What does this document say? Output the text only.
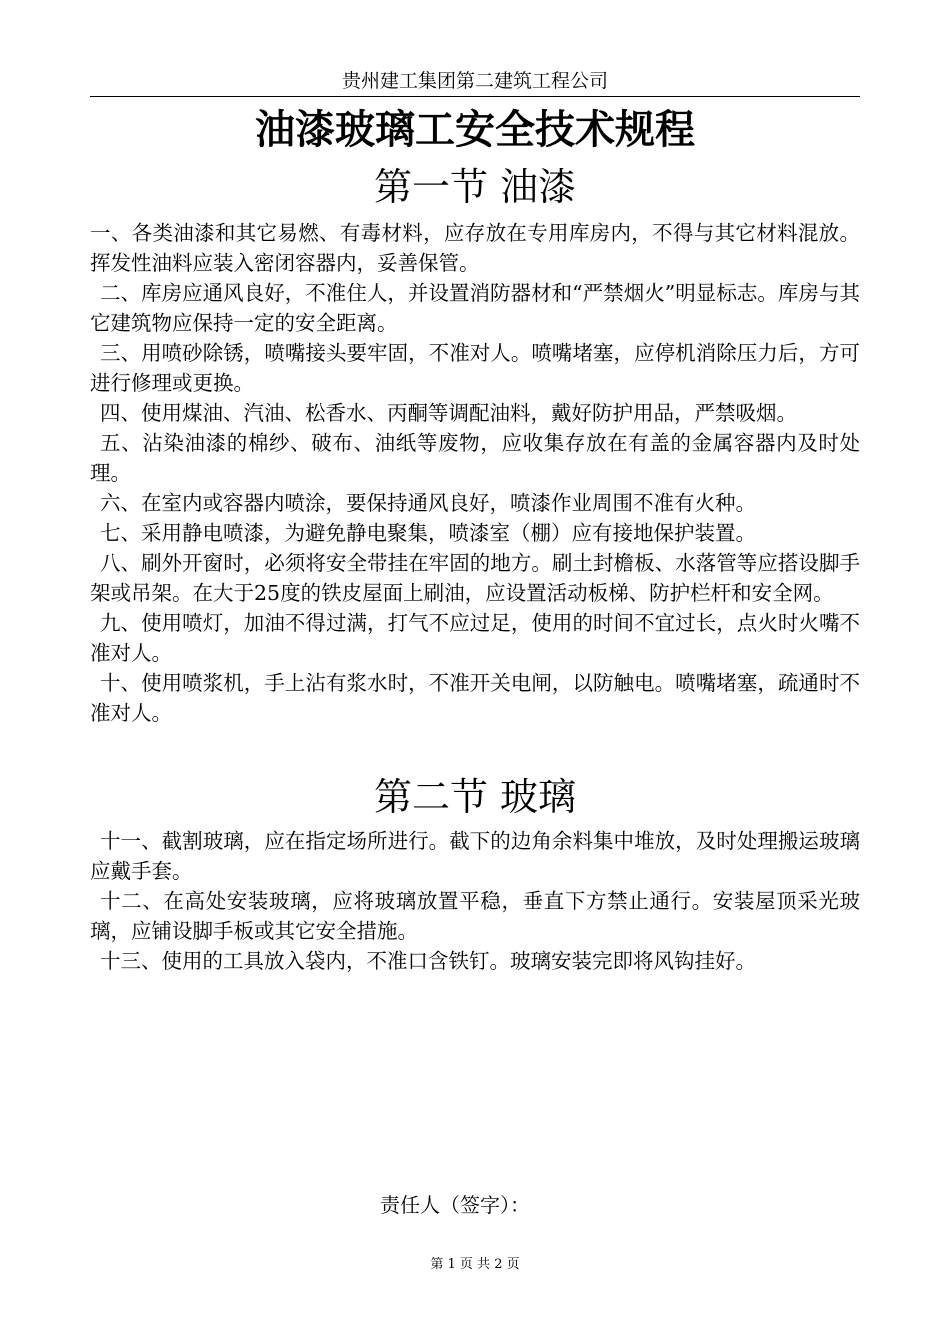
贵州建工集团第二建筑工程公司
油漆玻璃工安全技术规程
第一节 油漆

一、各类油漆和其它易燃、有毒材料，应存放在专用库房内，不得与其它材料混放。挥发性油料应装入密闭容器内，妥善保管。

二、库房应通风良好，不准住人，并设置消防器材和“严禁烟火”明显标志。库房与其它建筑物应保持一定的安全距离。

三、用喷砂除锈，喷嘴接头要牢固，不准对人。喷嘴堵塞，应停机消除压力后，方可进行修理或更换。

四、使用煤油、汽油、松香水、丙酮等调配油料，戴好防护用品，严禁吸烟。

五、沾染油漆的棉纱、破布、油纸等废物，应收集存放在有盖的金属容器内及时处理。

六、在室内或容器内喷涂，要保持通风良好，喷漆作业周围不准有火种。

七、采用静电喷漆，为避免静电聚集，喷漆室（棚）应有接地保护装置。

八、刷外开窗时，必须将安全带挂在牢固的地方。刷土封檐板、水落管等应搭设脚手架或吊架。在大于25度的铁皮屋面上刷油，应设置活动板梯、防护栏杆和安全网。

九、使用喷灯，加油不得过满，打气不应过足，使用的时间不宜过长，点火时火嘴不准对人。

十、使用喷浆机，手上沾有浆水时，不准开关电闸，以防触电。喷嘴堵塞，疏通时不准对人。

第二节 玻璃

十一、截割玻璃，应在指定场所进行。截下的边角余料集中堆放，及时处理搬运玻璃应戴手套。

十二、在高处安装玻璃，应将玻璃放置平稳，垂直下方禁止通行。安装屋顶采光玻璃，应铺设脚手板或其它安全措施。

十三、使用的工具放入袋内，不准口含铁钉。玻璃安装完即将风钩挂好。

责任人（签字）：
第 1 页 共 2 页
